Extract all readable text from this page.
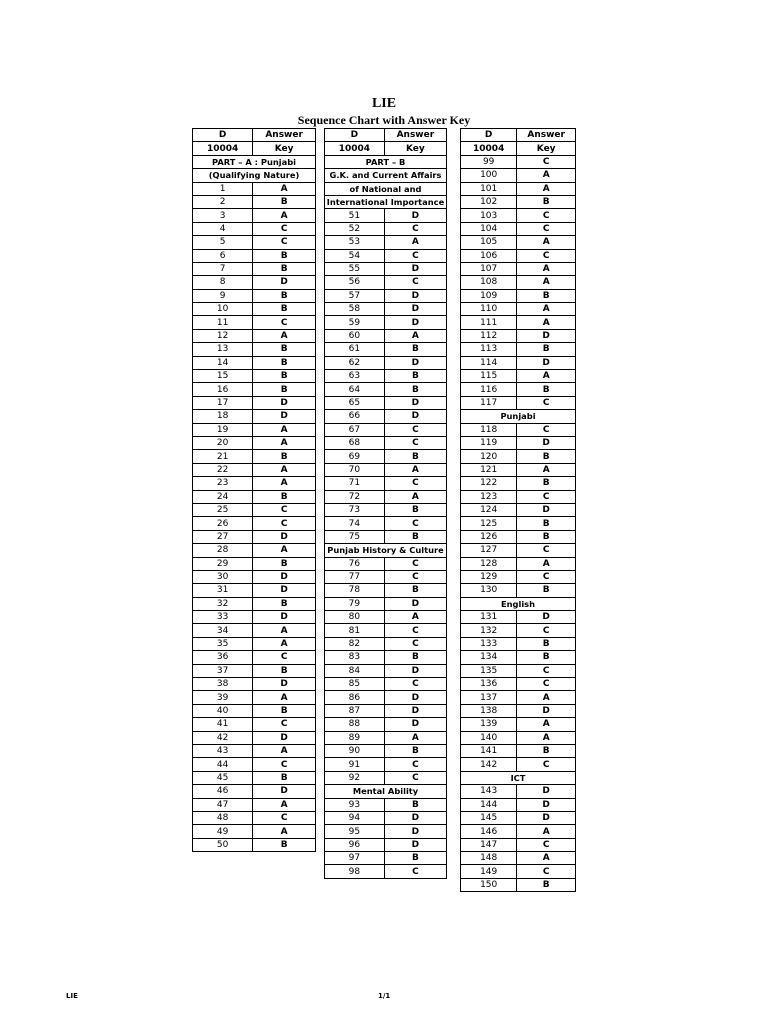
LIE
Sequence Chart with Answer Key
D	Answer
10004	Key
PART – A : Punjabi	
(Qualifying Nature)	
1	A
2	B
3	A
4	C
5	C
6	B
7	B
8	D
9	B
10	B
11	C
12	A
13	B
14	B
15	B
16	B
17	D
18	D
19	A
20	A
21	B
22	A
23	A
24	B
25	C
26	C
27	D
28	A
29	B
30	D
31	D
32	B
33	D
34	A
35	A
36	C
37	B
38	D
39	A
40	B
41	C
42	D
43	A
44	C
45	B
46	D
47	A
48	C
49	A
50	B
D	Answer
10004	Key
PART – B	
G.K. and Current Affairs	
of National and	
International Importance	
51	D
52	C
53	A
54	C
55	D
56	C
57	D
58	D
59	D
60	A
61	B
62	D
63	B
64	B
65	D
66	D
67	C
68	C
69	B
70	A
71	C
72	A
73	B
74	C
75	B
Punjab History & Culture	
76	C
77	C
78	B
79	D
80	A
81	C
82	C
83	B
84	D
85	C
86	D
87	D
88	D
89	A
90	B
91	C
92	C
Mental Ability	
93	B
94	D
95	D
96	D
97	B
98	C
D	Answer
10004	Key
99	C
100	A
101	A
102	B
103	C
104	C
105	A
106	C
107	A
108	A
109	B
110	A
111	A
112	D
113	B
114	D
115	A
116	B
117	C
Punjabi	
118	C
119	D
120	B
121	A
122	B
123	C
124	D
125	B
126	B
127	C
128	A
129	C
130	B
English	
131	D
132	C
133	B
134	B
135	C
136	C
137	A
138	D
139	A
140	A
141	B
142	C
ICT	
143	D
144	D
145	D
146	A
147	C
148	A
149	C
150	B
LIE	1/1
